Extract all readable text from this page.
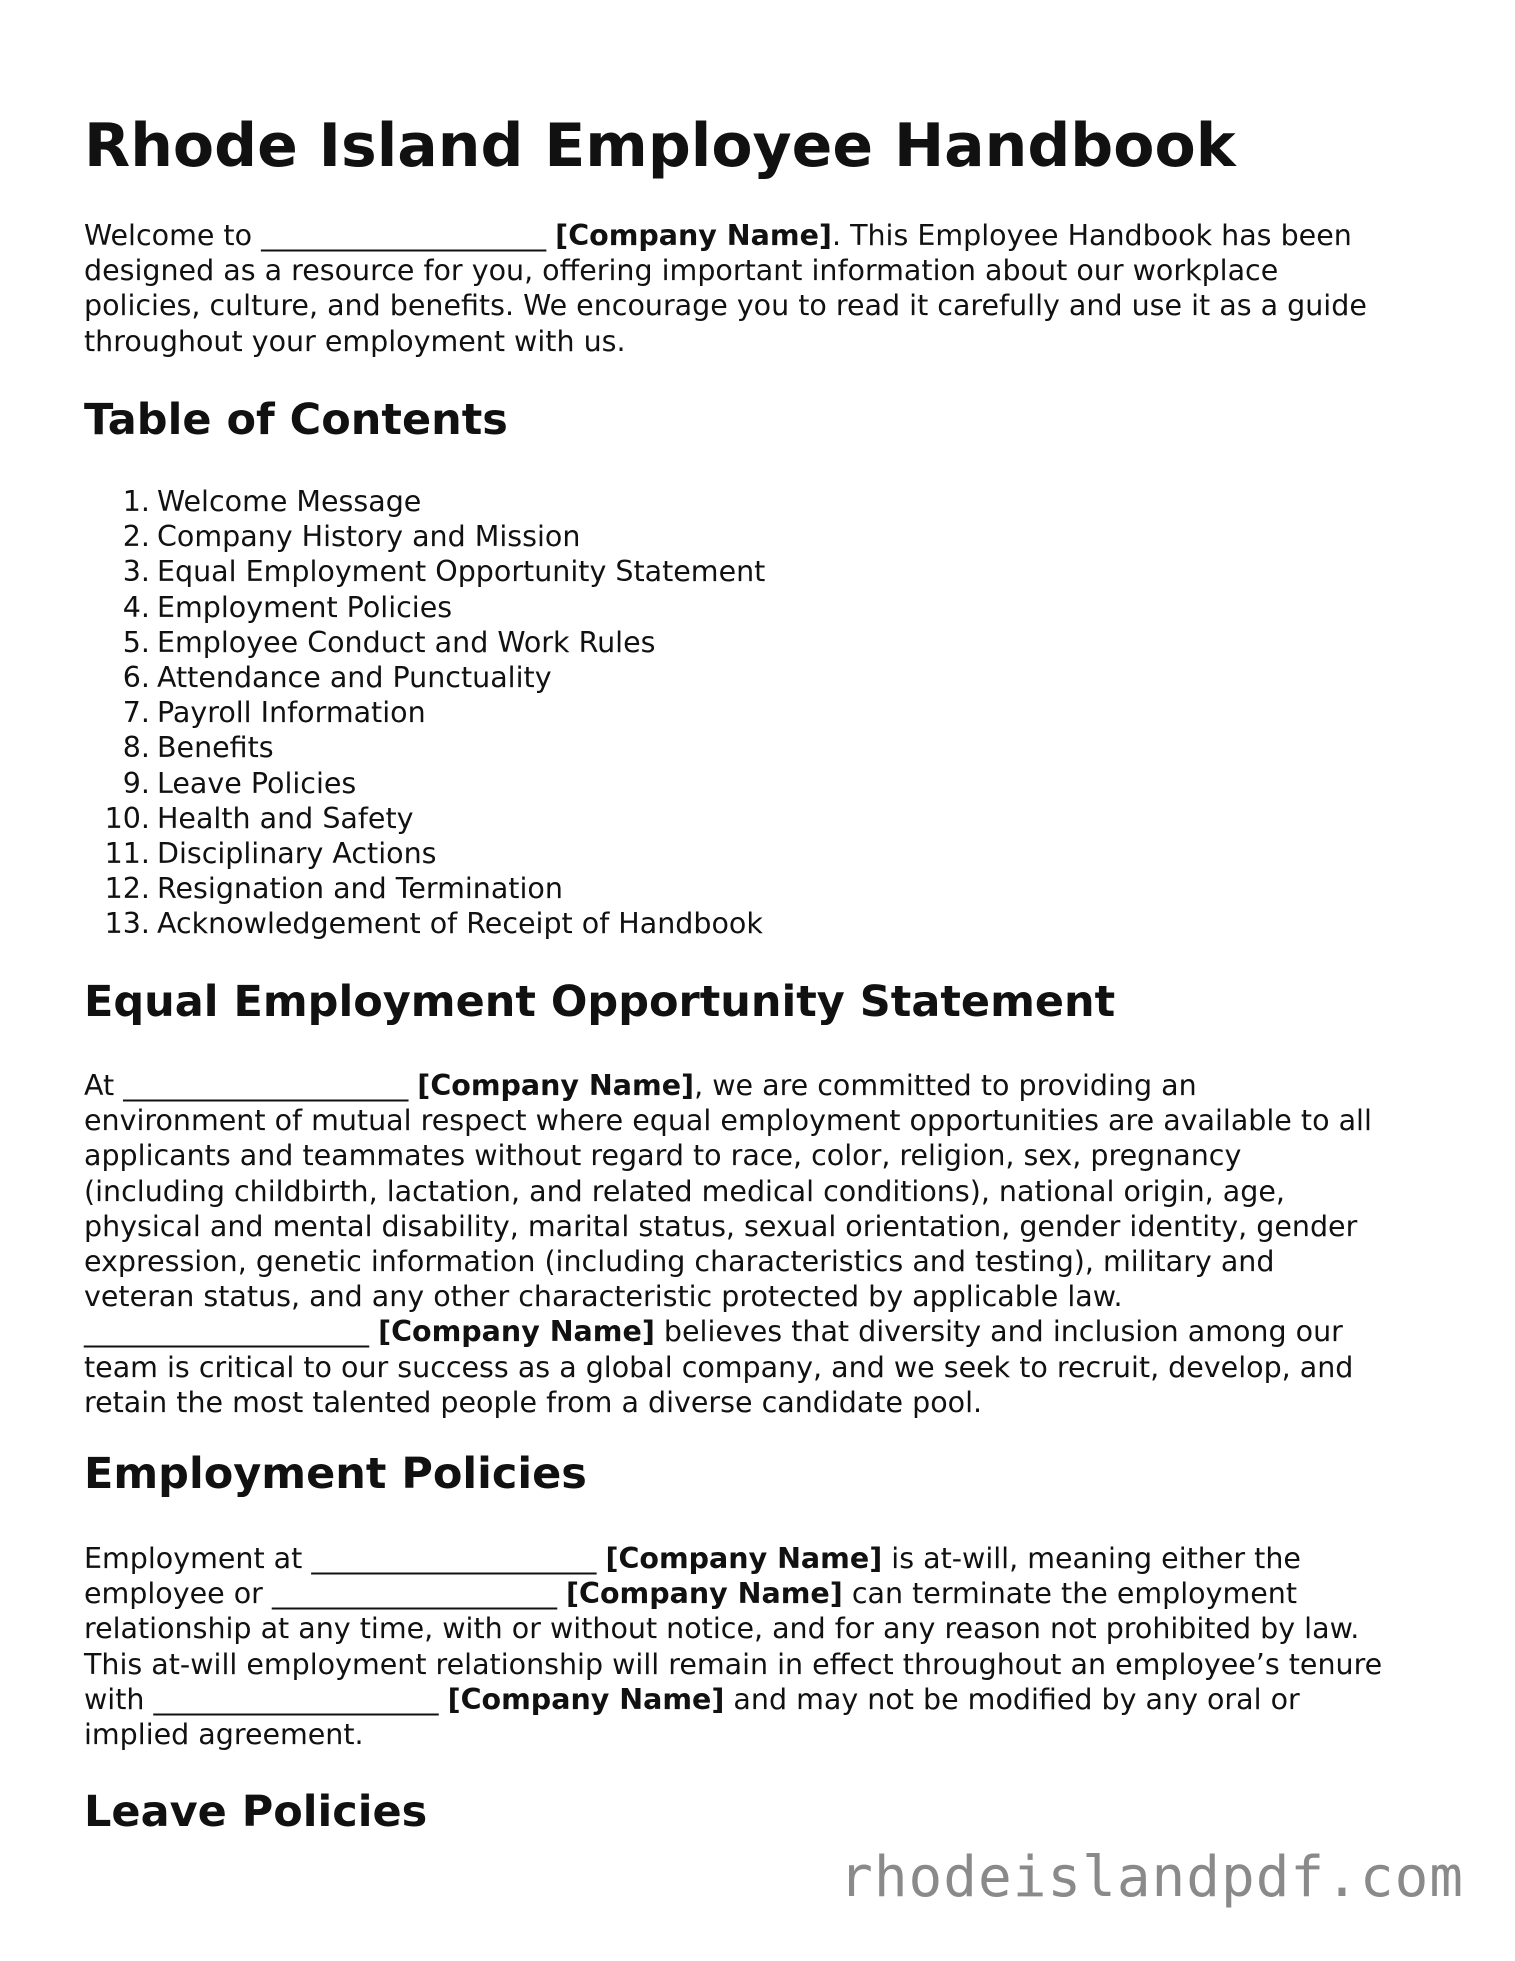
Rhode Island Employee Handbook
Welcome to ____________________ [Company Name]. This Employee Handbook has been
designed as a resource for you, offering important information about our workplace
policies, culture, and benefits. We encourage you to read it carefully and use it as a guide
throughout your employment with us.
Table of Contents
1. Welcome Message
2. Company History and Mission
3. Equal Employment Opportunity Statement
4. Employment Policies
5. Employee Conduct and Work Rules
6. Attendance and Punctuality
7. Payroll Information
8. Benefits
9. Leave Policies
10. Health and Safety
11. Disciplinary Actions
12. Resignation and Termination
13. Acknowledgement of Receipt of Handbook
Equal Employment Opportunity Statement
At ____________________ [Company Name], we are committed to providing an
environment of mutual respect where equal employment opportunities are available to all
applicants and teammates without regard to race, color, religion, sex, pregnancy
(including childbirth, lactation, and related medical conditions), national origin, age,
physical and mental disability, marital status, sexual orientation, gender identity, gender
expression, genetic information (including characteristics and testing), military and
veteran status, and any other characteristic protected by applicable law.
____________________ [Company Name] believes that diversity and inclusion among our
team is critical to our success as a global company, and we seek to recruit, develop, and
retain the most talented people from a diverse candidate pool.
Employment Policies
Employment at ____________________ [Company Name] is at-will, meaning either the
employee or ____________________ [Company Name] can terminate the employment
relationship at any time, with or without notice, and for any reason not prohibited by law.
This at-will employment relationship will remain in effect throughout an employee’s tenure
with ____________________ [Company Name] and may not be modified by any oral or
implied agreement.
Leave Policies
rhodeislandpdf.com
